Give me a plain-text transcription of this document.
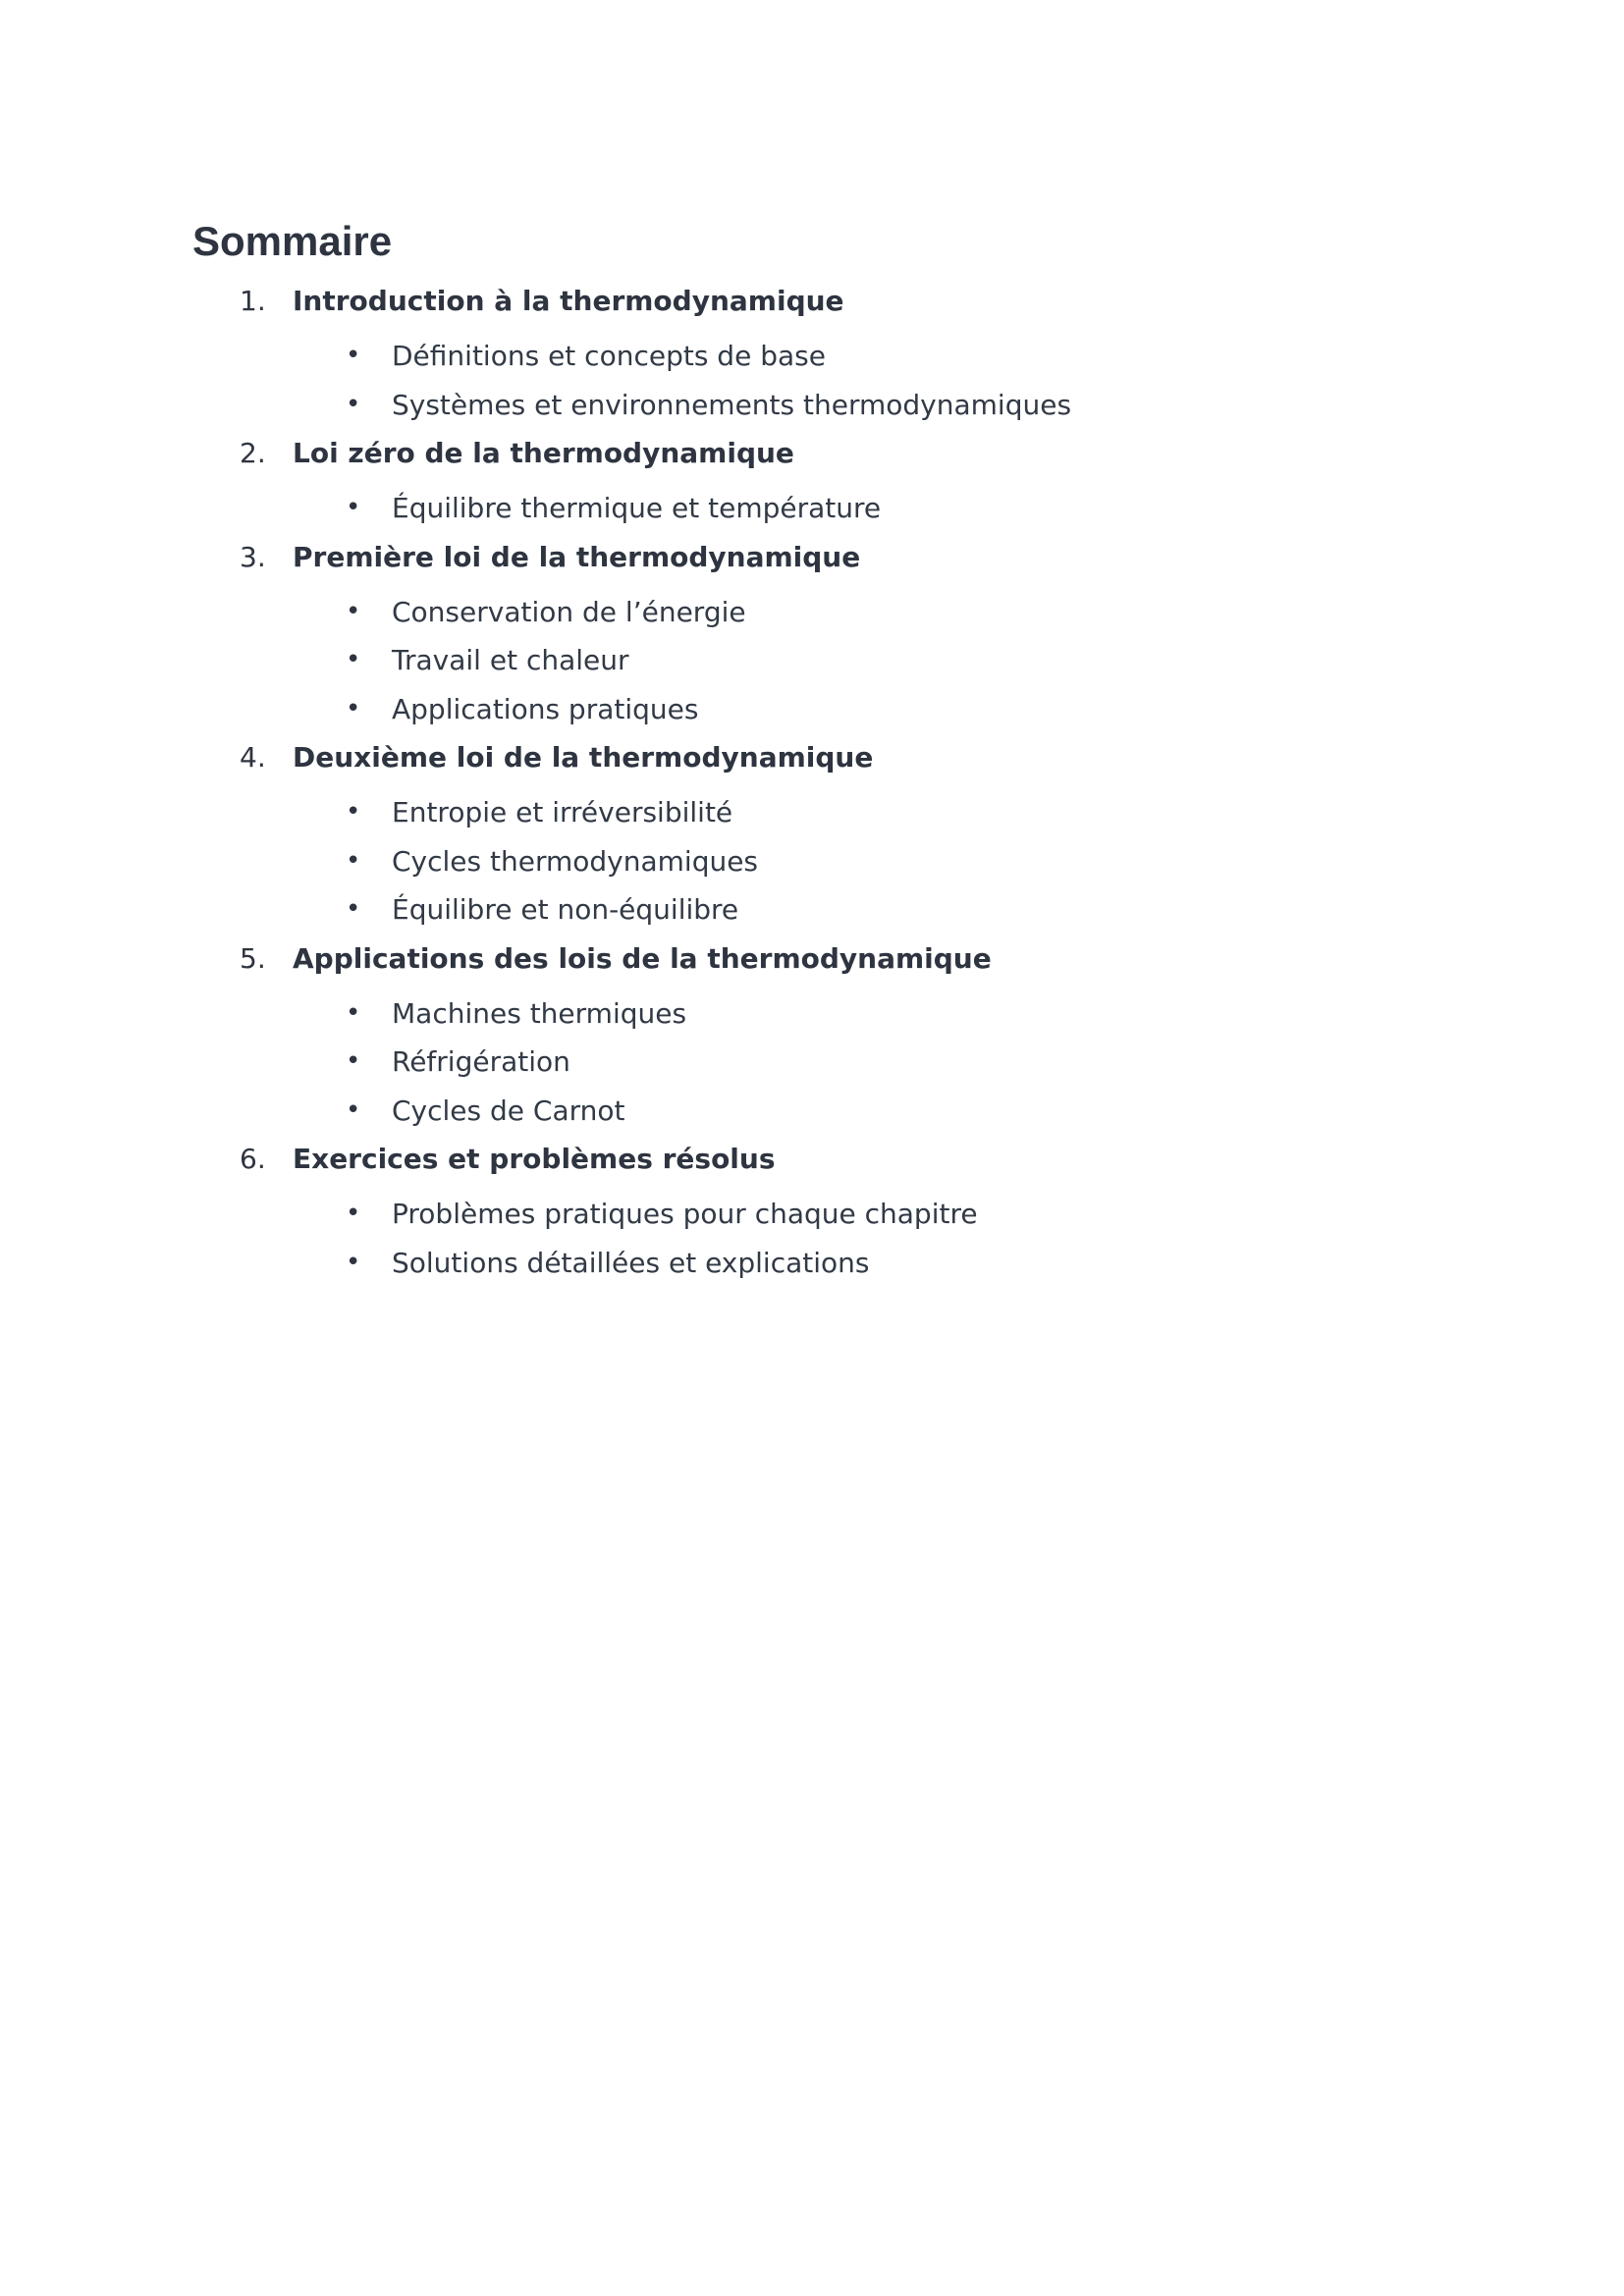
Sommaire
1. Introduction à la thermodynamique
• Définitions et concepts de base
• Systèmes et environnements thermodynamiques
2. Loi zéro de la thermodynamique
• Équilibre thermique et température
3. Première loi de la thermodynamique
• Conservation de l’énergie
• Travail et chaleur
• Applications pratiques
4. Deuxième loi de la thermodynamique
• Entropie et irréversibilité
• Cycles thermodynamiques
• Équilibre et non-équilibre
5. Applications des lois de la thermodynamique
• Machines thermiques
• Réfrigération
• Cycles de Carnot
6. Exercices et problèmes résolus
• Problèmes pratiques pour chaque chapitre
• Solutions détaillées et explications
